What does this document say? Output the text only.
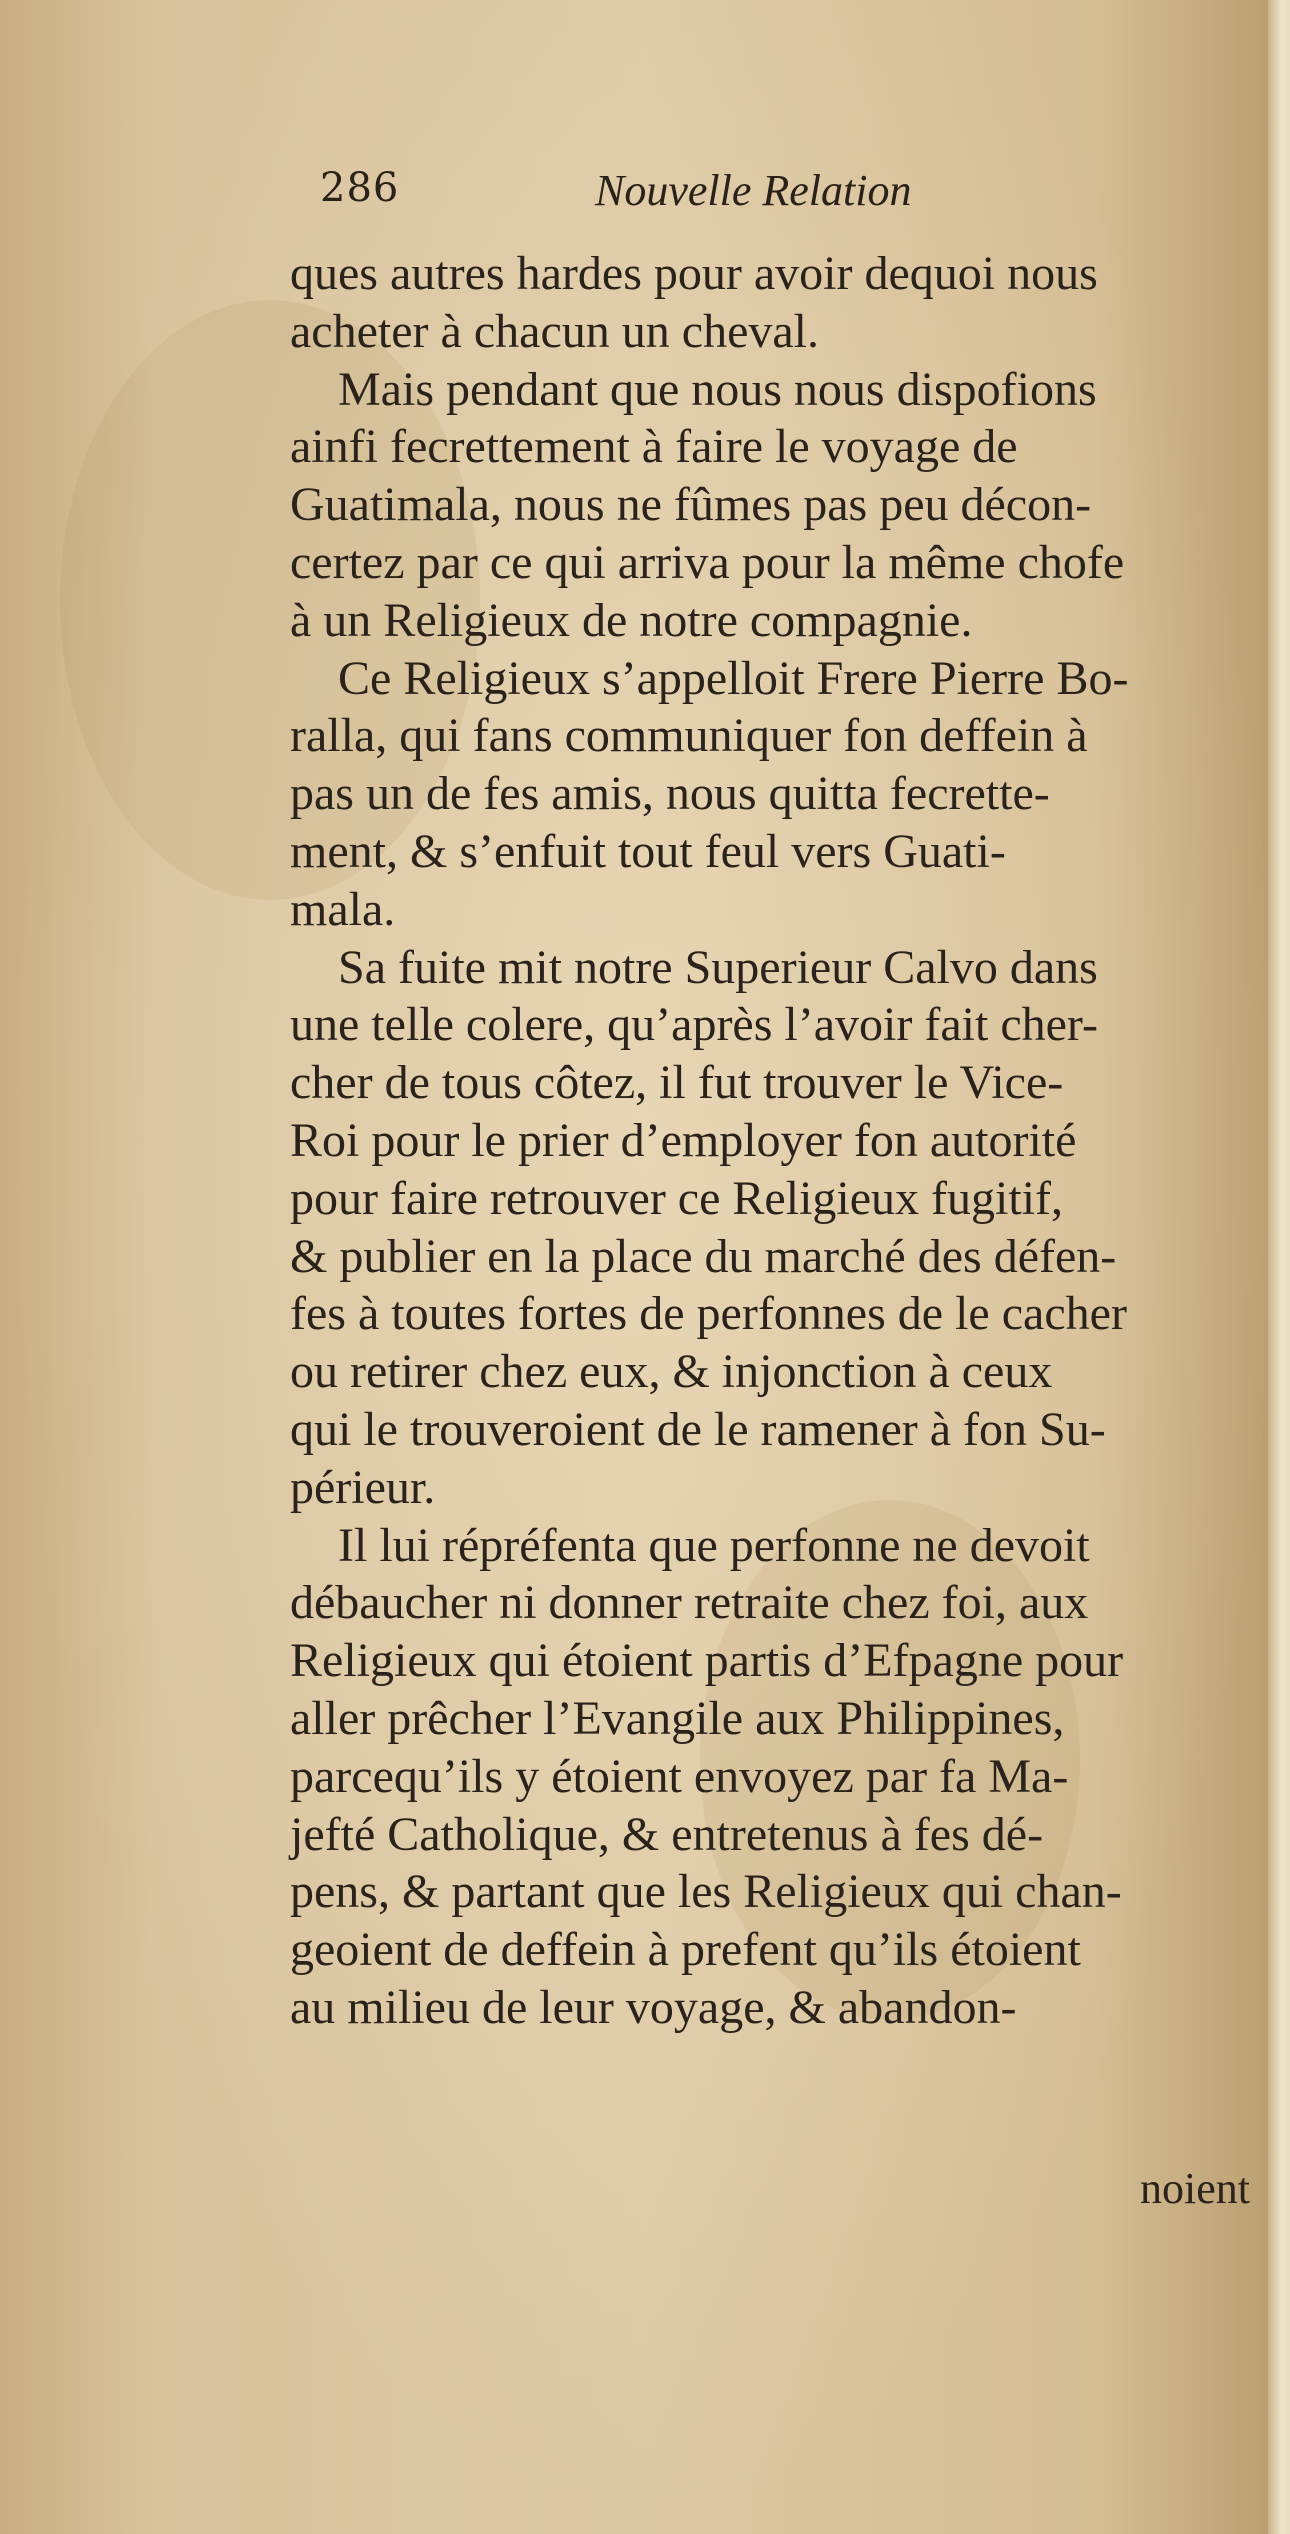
286	Nouvelle Relation
ques autres hardes pour avoir dequoi nous
acheter à chacun un cheval.
Mais pendant que nous nous dispofions
ainfi fecrettement à faire le voyage de
Guatimala, nous ne fûmes pas peu décon-
certez par ce qui arriva pour la même chofe
à un Religieux de notre compagnie.
Ce Religieux s’appelloit Frere Pierre Bo-
ralla, qui fans communiquer fon deffein à
pas un de fes amis, nous quitta fecrette-
ment, & s’enfuit tout feul vers Guati-
mala.
Sa fuite mit notre Superieur Calvo dans
une telle colere, qu’après l’avoir fait cher-
cher de tous côtez, il fut trouver le Vice-
Roi pour le prier d’employer fon autorité
pour faire retrouver ce Religieux fugitif,
& publier en la place du marché des défen-
fes à toutes fortes de perfonnes de le cacher
ou retirer chez eux, & injonction à ceux
qui le trouveroient de le ramener à fon Su-
périeur.
Il lui répréfenta que perfonne ne devoit
débaucher ni donner retraite chez foi, aux
Religieux qui étoient partis d’Efpagne pour
aller prêcher l’Evangile aux Philippines,
parcequ’ils y étoient envoyez par fa Ma-
jefté Catholique, & entretenus à fes dé-
pens, & partant que les Religieux qui chan-
geoient de deffein à prefent qu’ils étoient
au milieu de leur voyage, & abandon-
noient
